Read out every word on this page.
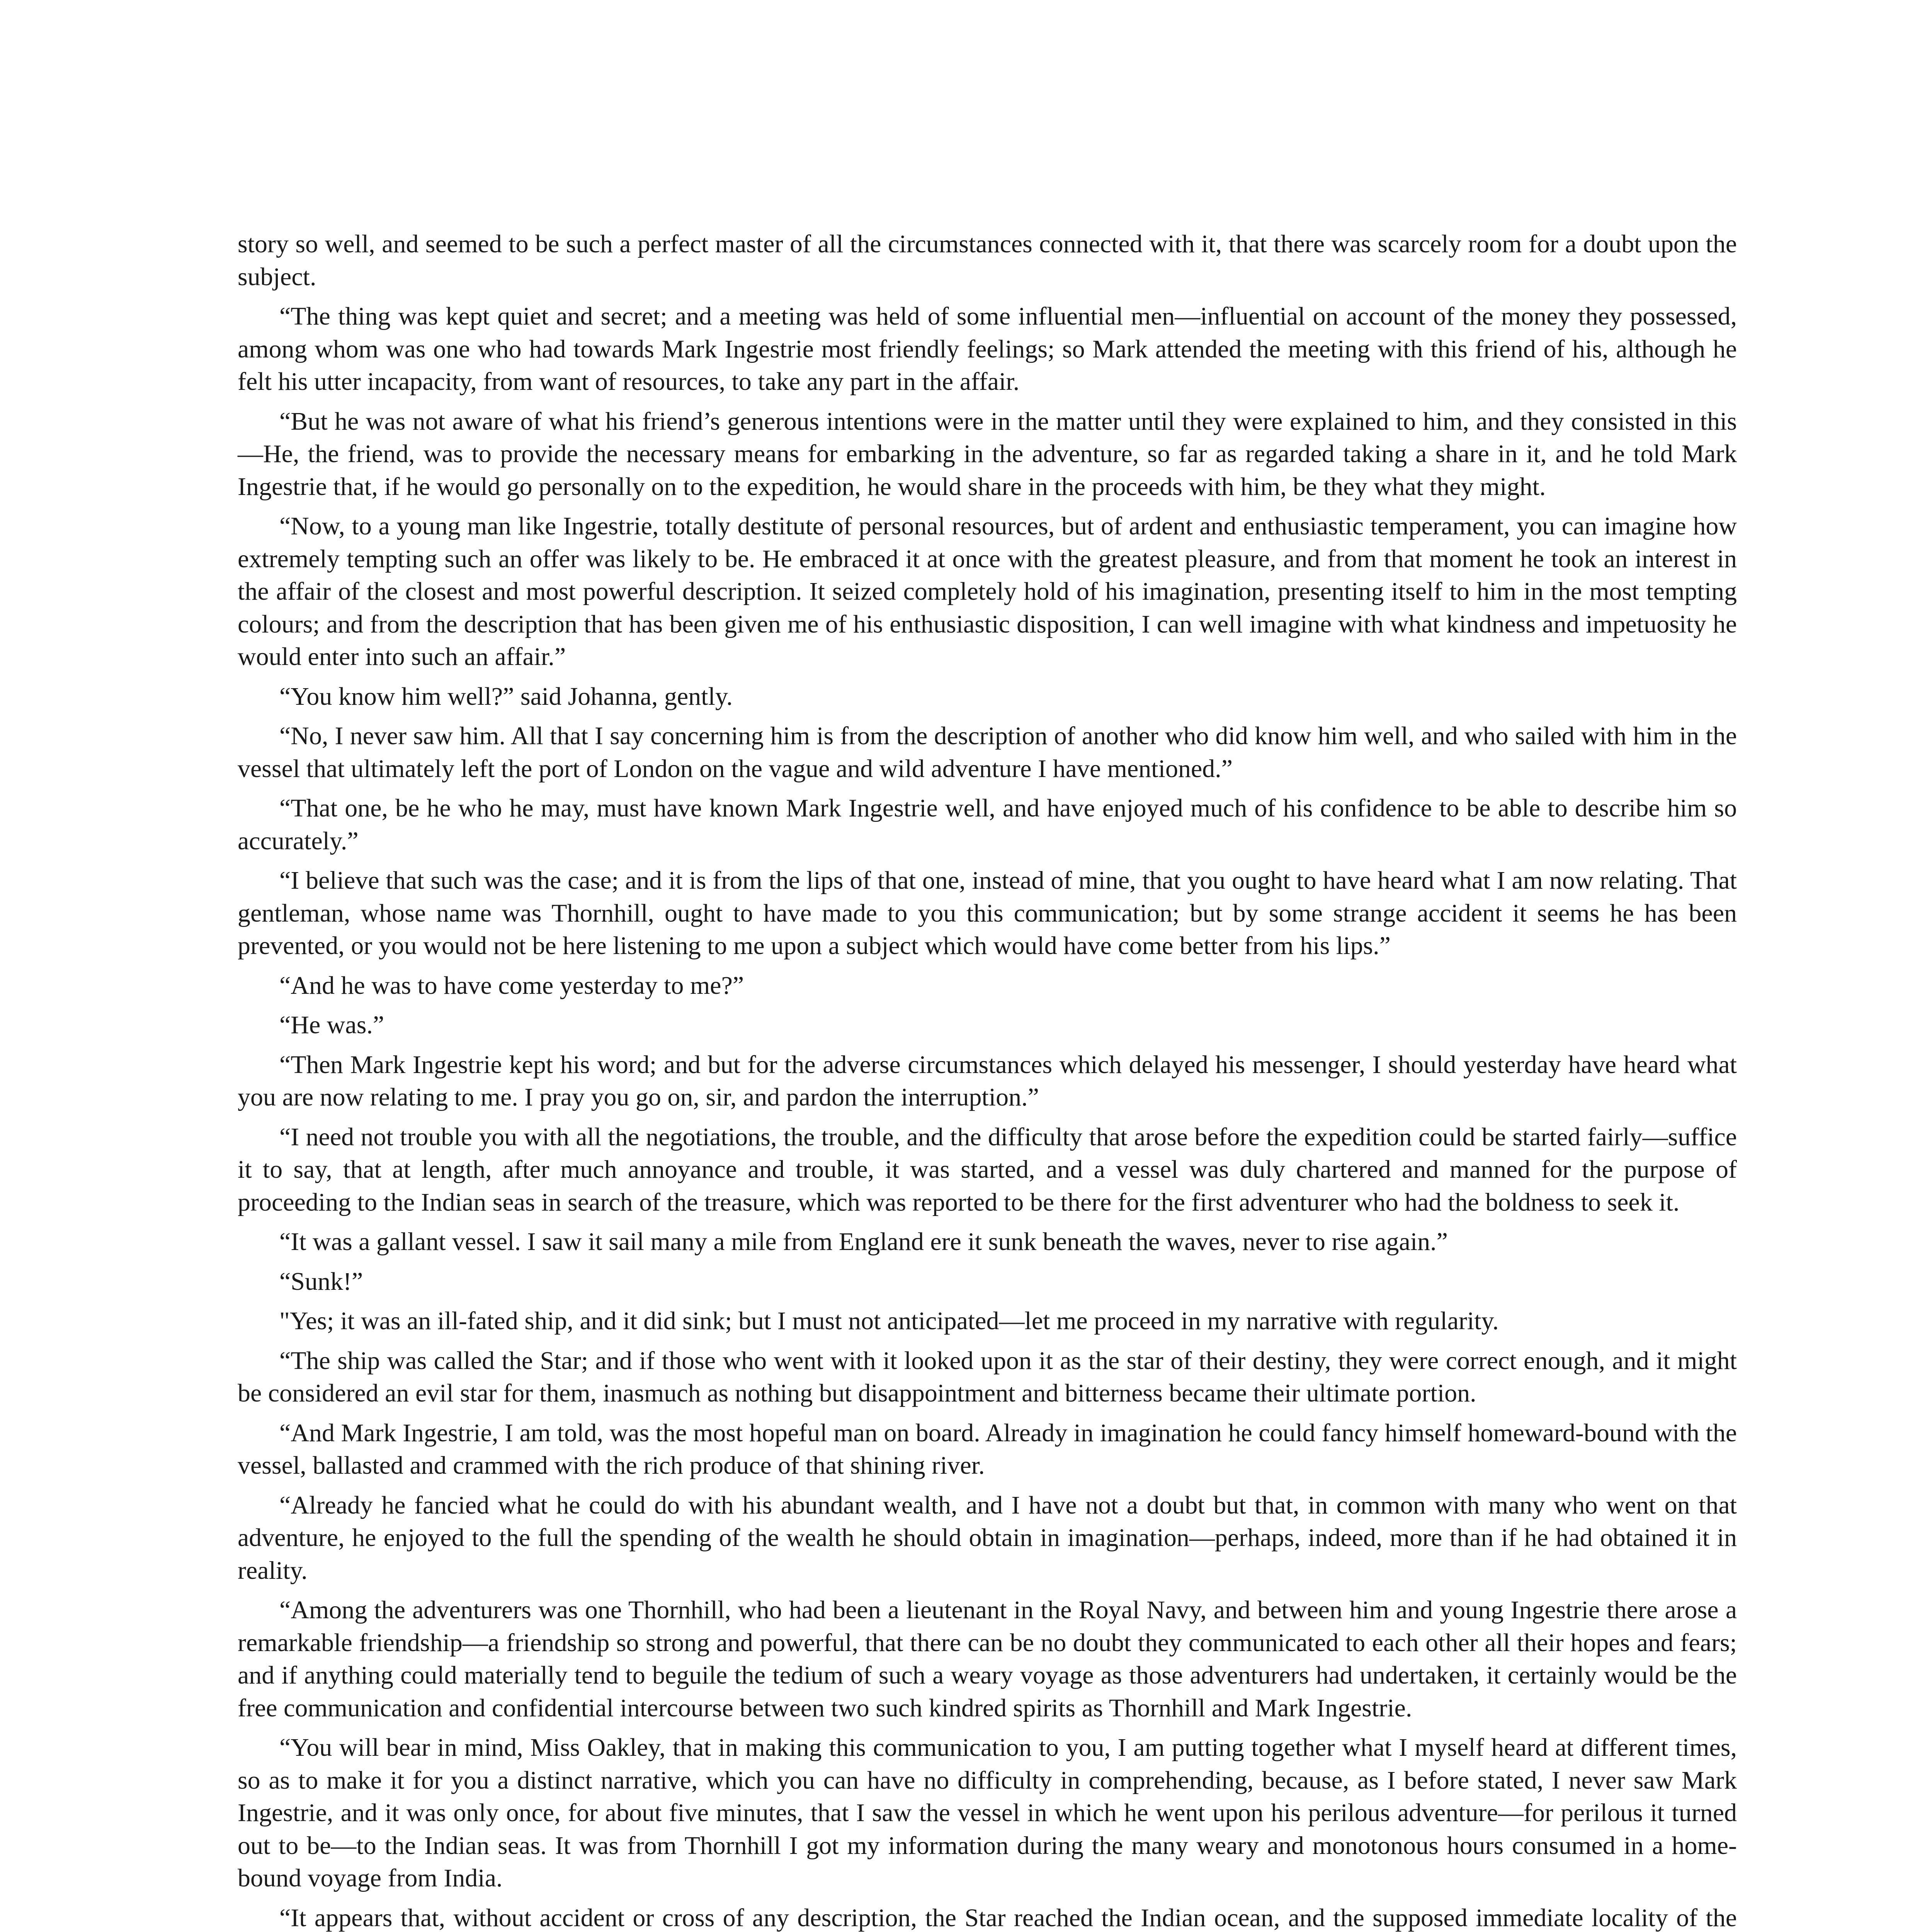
story so well, and seemed to be such a perfect master of all the circumstances connected with it, that there was scarcely room for a doubt upon the subject.

“The thing was kept quiet and secret; and a meeting was held of some influential men—influential on account of the money they possessed, among whom was one who had towards Mark Ingestrie most friendly feelings; so Mark attended the meeting with this friend of his, although he felt his utter incapacity, from want of resources, to take any part in the affair.

“But he was not aware of what his friend’s generous intentions were in the matter until they were explained to him, and they consisted in this—He, the friend, was to provide the necessary means for embarking in the adventure, so far as regarded taking a share in it, and he told Mark Ingestrie that, if he would go personally on to the expedition, he would share in the proceeds with him, be they what they might.

“Now, to a young man like Ingestrie, totally destitute of personal resources, but of ardent and enthusiastic temperament, you can imagine how extremely tempting such an offer was likely to be. He embraced it at once with the greatest pleasure, and from that moment he took an interest in the affair of the closest and most powerful description. It seized completely hold of his imagination, presenting itself to him in the most tempting colours; and from the description that has been given me of his enthusiastic disposition, I can well imagine with what kindness and impetuosity he would enter into such an affair.”

“You know him well?” said Johanna, gently.

“No, I never saw him. All that I say concerning him is from the description of another who did know him well, and who sailed with him in the vessel that ultimately left the port of London on the vague and wild adventure I have mentioned.”

“That one, be he who he may, must have known Mark Ingestrie well, and have enjoyed much of his confidence to be able to describe him so accurately.”

“I believe that such was the case; and it is from the lips of that one, instead of mine, that you ought to have heard what I am now relating. That gentleman, whose name was Thornhill, ought to have made to you this communication; but by some strange accident it seems he has been prevented, or you would not be here listening to me upon a subject which would have come better from his lips.”

“And he was to have come yesterday to me?”

“He was.”

“Then Mark Ingestrie kept his word; and but for the adverse circumstances which delayed his messenger, I should yesterday have heard what you are now relating to me. I pray you go on, sir, and pardon the interruption.”

“I need not trouble you with all the negotiations, the trouble, and the difficulty that arose before the expedition could be started fairly—suffice it to say, that at length, after much annoyance and trouble, it was started, and a vessel was duly chartered and manned for the purpose of proceeding to the Indian seas in search of the treasure, which was reported to be there for the first adventurer who had the boldness to seek it.

“It was a gallant vessel. I saw it sail many a mile from England ere it sunk beneath the waves, never to rise again.”

“Sunk!”

"Yes; it was an ill-fated ship, and it did sink; but I must not anticipated—let me proceed in my narrative with regularity.

“The ship was called the Star; and if those who went with it looked upon it as the star of their destiny, they were correct enough, and it might be considered an evil star for them, inasmuch as nothing but disappointment and bitterness became their ultimate portion.

“And Mark Ingestrie, I am told, was the most hopeful man on board. Already in imagination he could fancy himself homeward-bound with the vessel, ballasted and crammed with the rich produce of that shining river.

“Already he fancied what he could do with his abundant wealth, and I have not a doubt but that, in common with many who went on that adventure, he enjoyed to the full the spending of the wealth he should obtain in imagination—perhaps, indeed, more than if he had obtained it in reality.

“Among the adventurers was one Thornhill, who had been a lieutenant in the Royal Navy, and between him and young Ingestrie there arose a remarkable friendship—a friendship so strong and powerful, that there can be no doubt they communicated to each other all their hopes and fears; and if anything could materially tend to beguile the tedium of such a weary voyage as those adventurers had undertaken, it certainly would be the free communication and confidential intercourse between two such kindred spirits as Thornhill and Mark Ingestrie.

“You will bear in mind, Miss Oakley, that in making this communication to you, I am putting together what I myself heard at different times, so as to make it for you a distinct narrative, which you can have no difficulty in comprehending, because, as I before stated, I never saw Mark Ingestrie, and it was only once, for about five minutes, that I saw the vessel in which he went upon his perilous adventure—for perilous it turned out to be—to the Indian seas. It was from Thornhill I got my information during the many weary and monotonous hours consumed in a home-bound voyage from India.

“It appears that, without accident or cross of any description, the Star reached the Indian ocean, and the supposed immediate locality of the
